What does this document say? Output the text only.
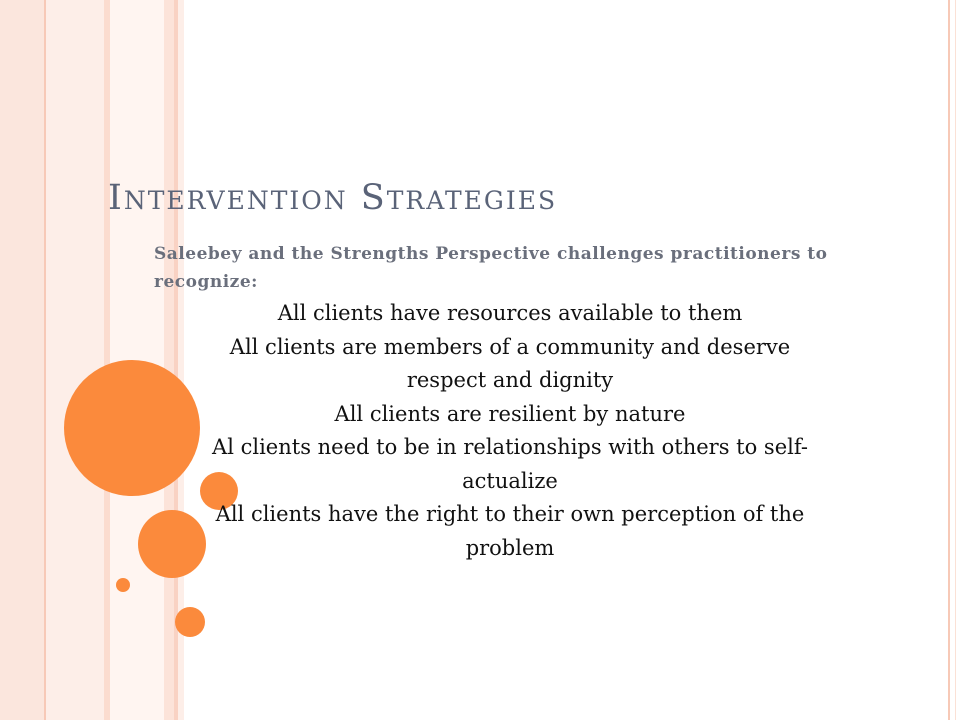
Intervention Strategies

Saleebey and the Strengths Perspective challenges practitioners to recognize:

All clients have resources available to them
All clients are members of a community and deserve respect and dignity
All clients are resilient by nature
Al clients need to be in relationships with others to self-actualize
All clients have the right to their own perception of the problem
